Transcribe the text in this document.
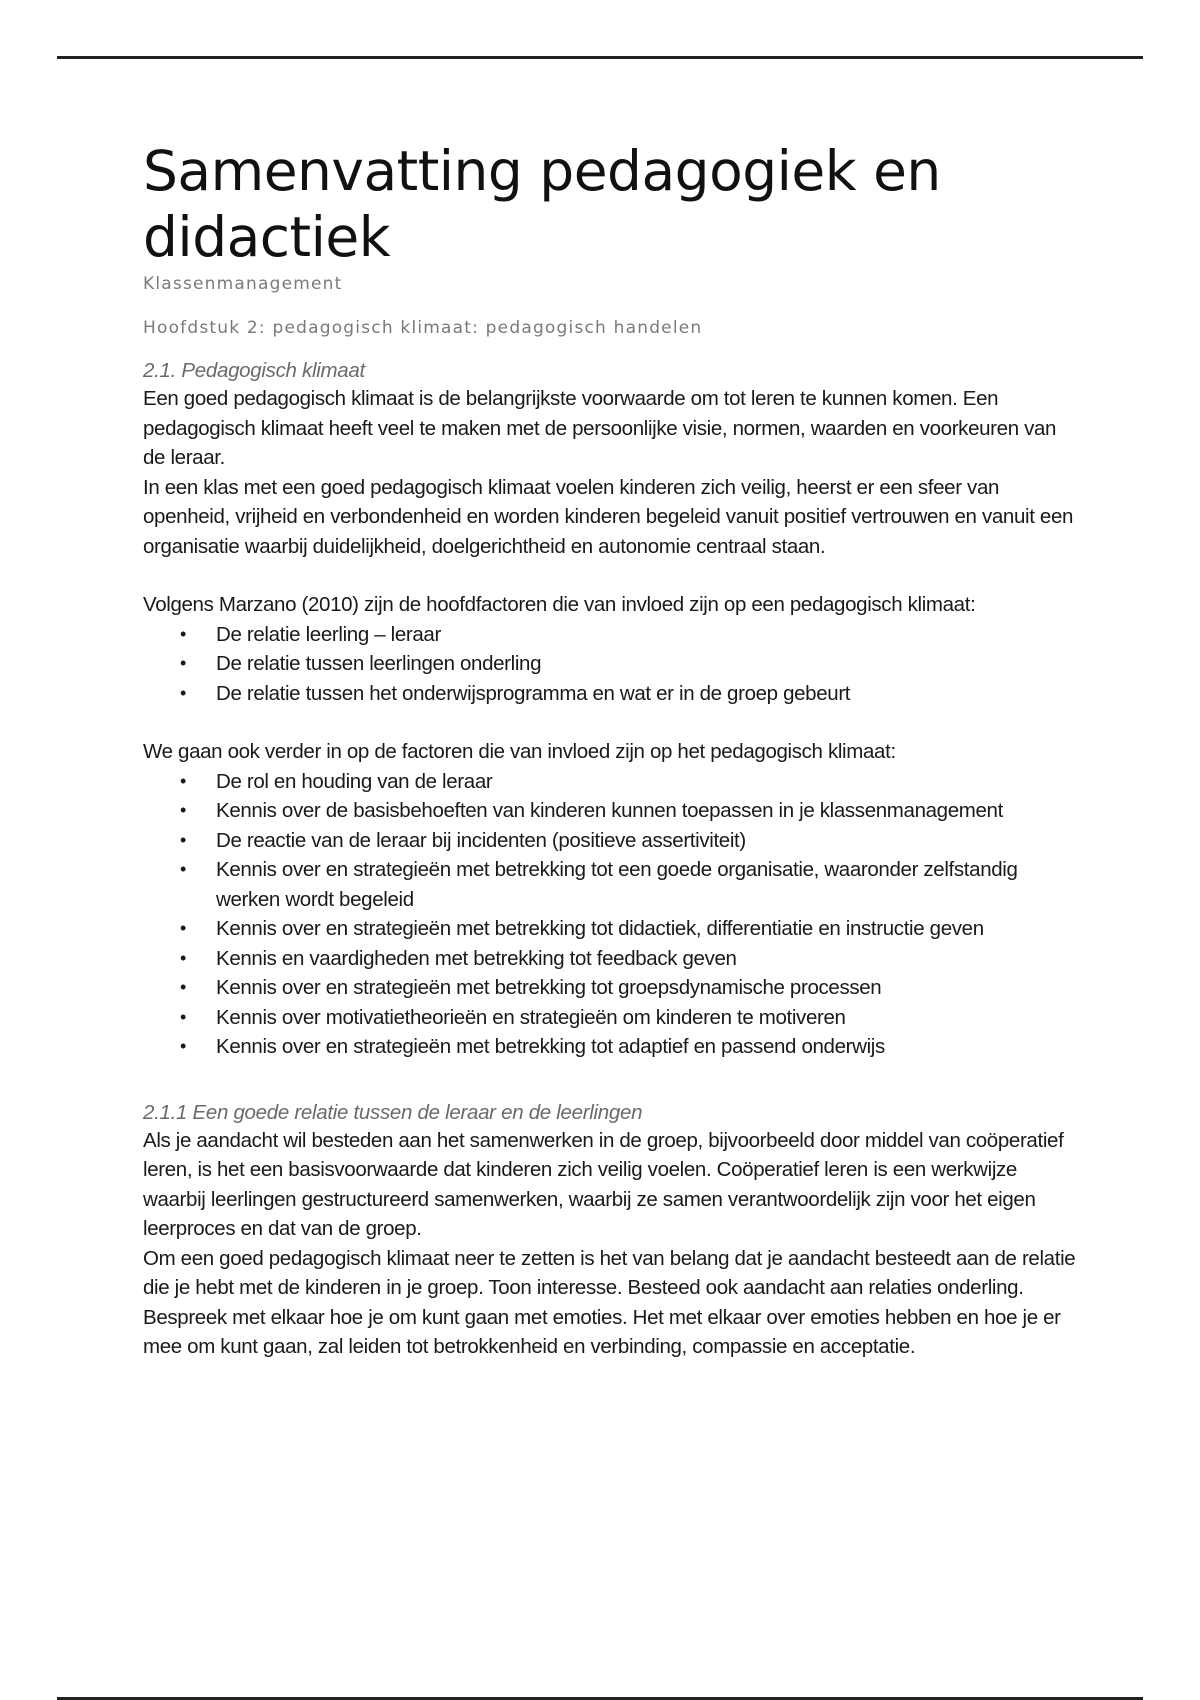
Samenvatting pedagogiek en didactiek
Klassenmanagement
Hoofdstuk 2: pedagogisch klimaat: pedagogisch handelen
2.1. Pedagogisch klimaat

Een goed pedagogisch klimaat is de belangrijkste voorwaarde om tot leren te kunnen komen. Een pedagogisch klimaat heeft veel te maken met de persoonlijke visie, normen, waarden en voorkeuren van de leraar.

In een klas met een goed pedagogisch klimaat voelen kinderen zich veilig, heerst er een sfeer van openheid, vrijheid en verbondenheid en worden kinderen begeleid vanuit positief vertrouwen en vanuit een organisatie waarbij duidelijkheid, doelgerichtheid en autonomie centraal staan.

Volgens Marzano (2010) zijn de hoofdfactoren die van invloed zijn op een pedagogisch klimaat:

• De relatie leerling – leraar
• De relatie tussen leerlingen onderling
• De relatie tussen het onderwijsprogramma en wat er in de groep gebeurt

We gaan ook verder in op de factoren die van invloed zijn op het pedagogisch klimaat:

• De rol en houding van de leraar
• Kennis over de basisbehoeften van kinderen kunnen toepassen in je klassenmanagement
• De reactie van de leraar bij incidenten (positieve assertiviteit)
• Kennis over en strategieën met betrekking tot een goede organisatie, waaronder zelfstandig werken wordt begeleid
• Kennis over en strategieën met betrekking tot didactiek, differentiatie en instructie geven
• Kennis en vaardigheden met betrekking tot feedback geven
• Kennis over en strategieën met betrekking tot groepsdynamische processen
• Kennis over motivatietheorieën en strategieën om kinderen te motiveren
• Kennis over en strategieën met betrekking tot adaptief en passend onderwijs
2.1.1 Een goede relatie tussen de leraar en de leerlingen

Als je aandacht wil besteden aan het samenwerken in de groep, bijvoorbeeld door middel van coöperatief leren, is het een basisvoorwaarde dat kinderen zich veilig voelen. Coöperatief leren is een werkwijze waarbij leerlingen gestructureerd samenwerken, waarbij ze samen verantwoordelijk zijn voor het eigen leerproces en dat van de groep.

Om een goed pedagogisch klimaat neer te zetten is het van belang dat je aandacht besteedt aan de relatie die je hebt met de kinderen in je groep. Toon interesse. Besteed ook aandacht aan relaties onderling. Bespreek met elkaar hoe je om kunt gaan met emoties. Het met elkaar over emoties hebben en hoe je er mee om kunt gaan, zal leiden tot betrokkenheid en verbinding, compassie en acceptatie.
